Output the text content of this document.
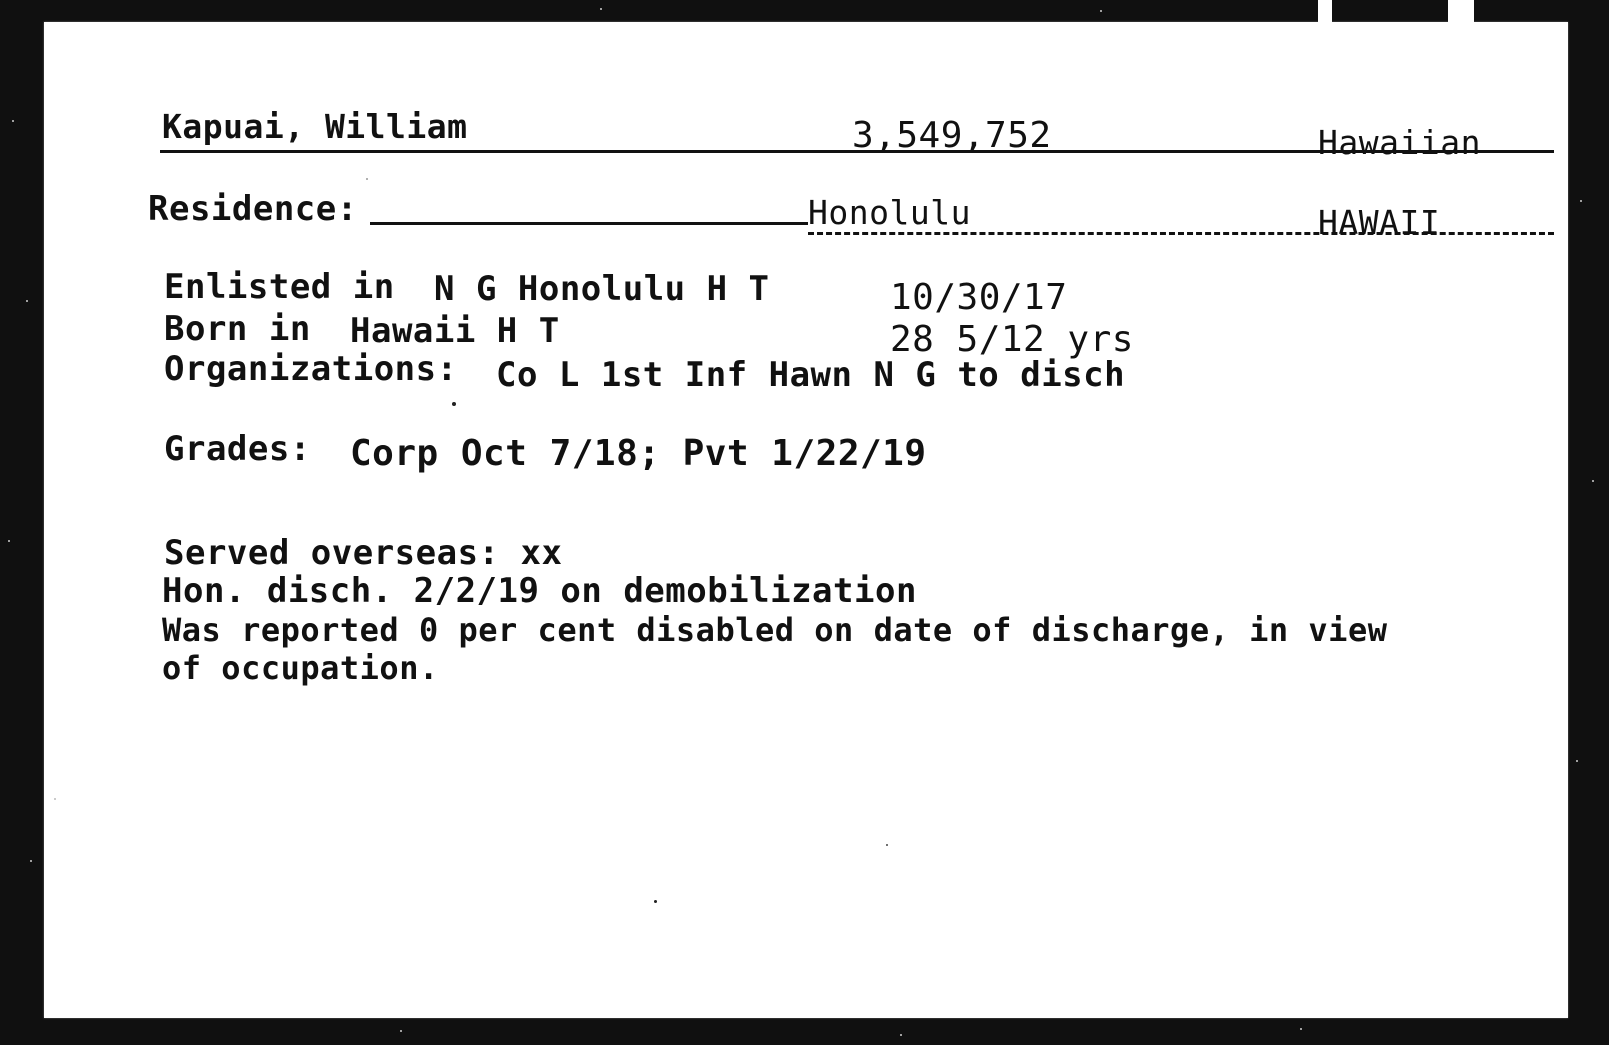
Kapuai, William	3,549,752	Hawaiian
Residence:	Honolulu	HAWAII
Enlisted in N G Honolulu H T	10/30/17
Born in Hawaii H T	28 5/12 yrs
Organizations: Co L 1st Inf Hawn N G to disch
Grades: Corp Oct 7/18; Pvt 1/22/19
Served overseas: xx
Hon. disch. 2/2/19 on demobilization
Was reported 0 per cent disabled on date of discharge, in view
of occupation.
